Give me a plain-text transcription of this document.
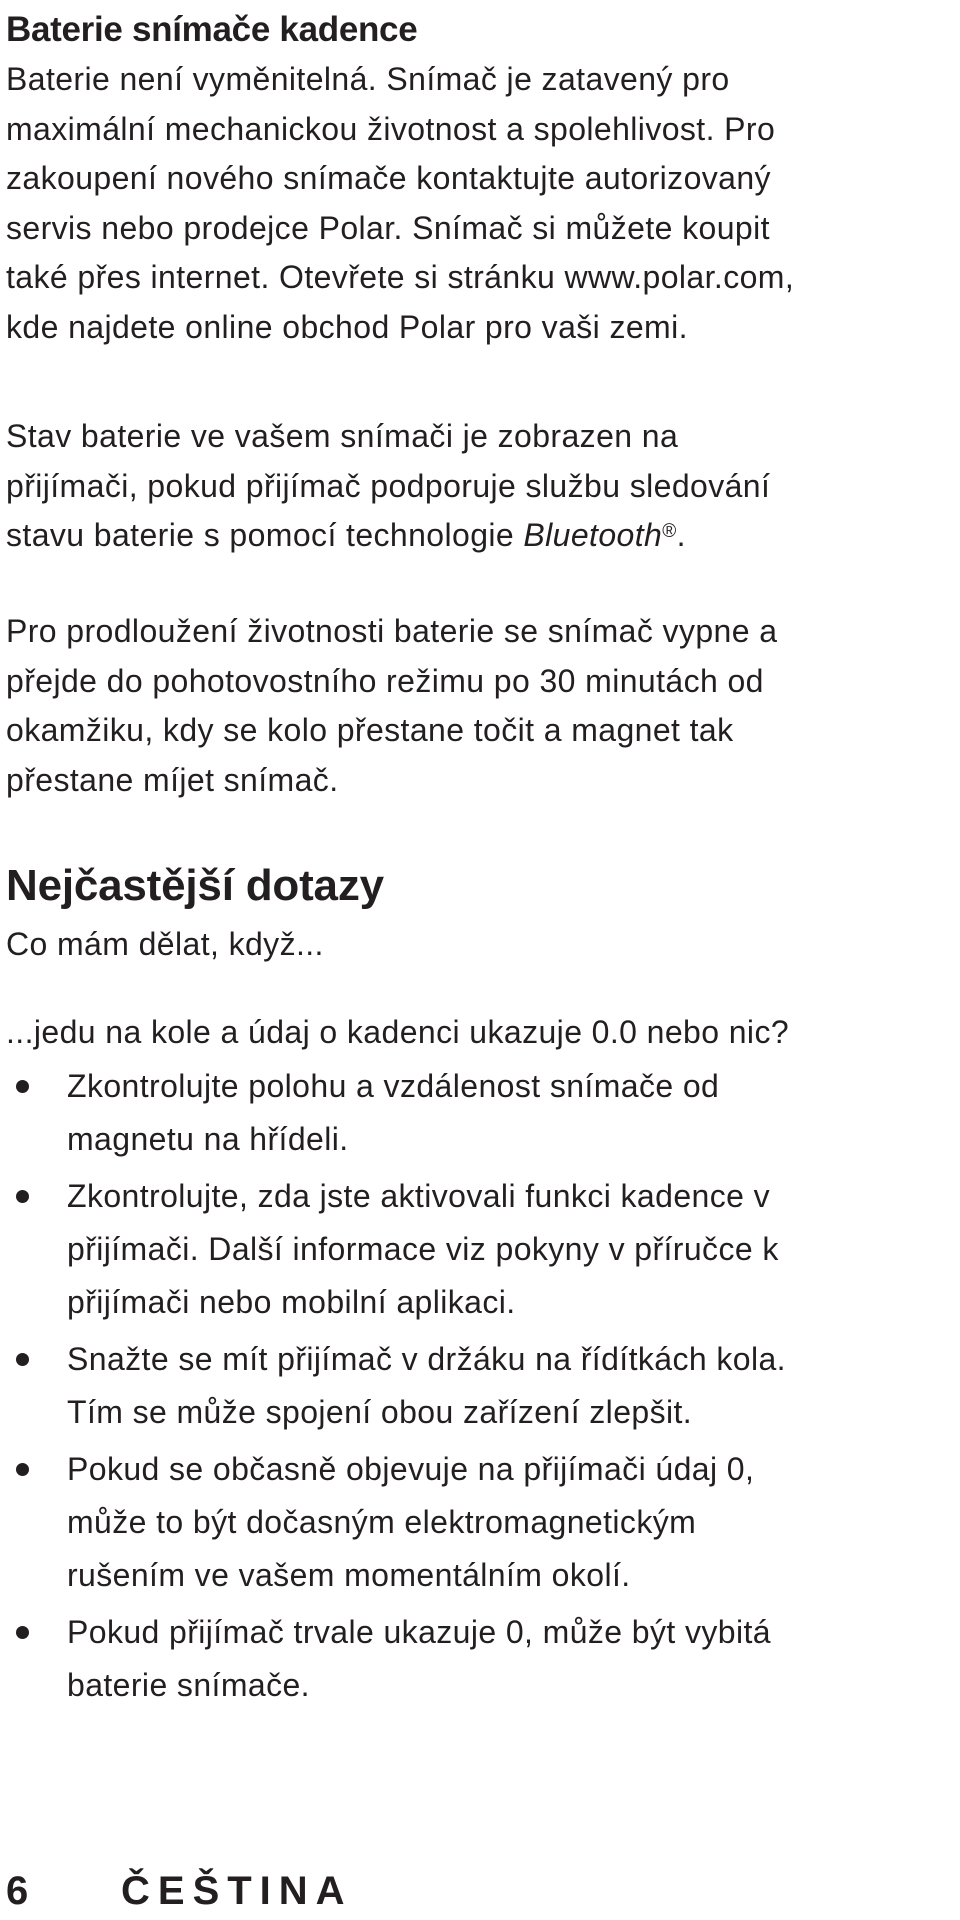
Baterie snímače kadence

Baterie není vyměnitelná. Snímač je zatavený pro
maximální mechanickou životnost a spolehlivost. Pro
zakoupení nového snímače kontaktujte autorizovaný
servis nebo prodejce Polar. Snímač si můžete koupit
také přes internet. Otevřete si stránku www.polar.com,
kde najdete online obchod Polar pro vaši zemi.

Stav baterie ve vašem snímači je zobrazen na
přijímači, pokud přijímač podporuje službu sledování
stavu baterie s pomocí technologie Bluetooth®.

Pro prodloužení životnosti baterie se snímač vypne a
přejde do pohotovostního režimu po 30 minutách od
okamžiku, kdy se kolo přestane točit a magnet tak
přestane míjet snímač.

Nejčastější dotazy

Co mám dělat, když...

...jedu na kole a údaj o kadenci ukazuje 0.0 nebo nic?

Zkontrolujte polohu a vzdálenost snímače od
magnetu na hřídeli.
Zkontrolujte, zda jste aktivovali funkci kadence v
přijímači. Další informace viz pokyny v příručce k
přijímači nebo mobilní aplikaci.
Snažte se mít přijímač v držáku na řídítkách kola.
Tím se může spojení obou zařízení zlepšit.
Pokud se občasně objevuje na přijímači údaj 0,
může to být dočasným elektromagnetickým
rušením ve vašem momentálním okolí.
Pokud přijímač trvale ukazuje 0, může být vybitá
baterie snímače.
6 ČEŠTINA
